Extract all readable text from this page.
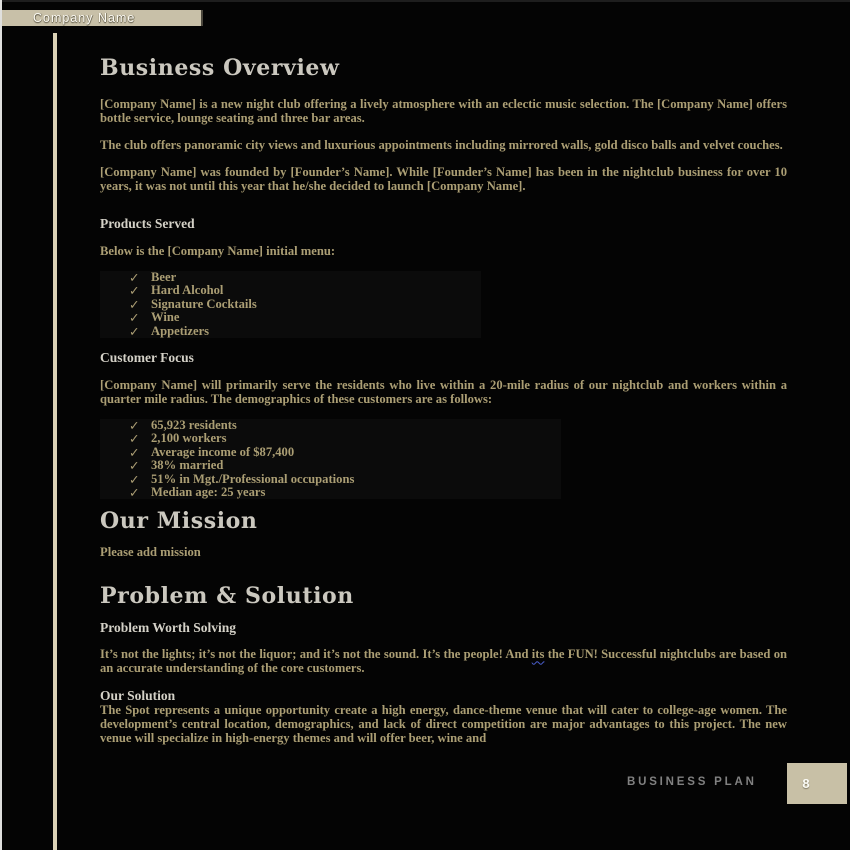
Company Name
Business Overview

[Company Name] is a new night club offering a lively atmosphere with an eclectic music selection. The [Company Name] offers bottle service, lounge seating and three bar areas.

The club offers panoramic city views and luxurious appointments including mirrored walls, gold disco balls and velvet couches.

[Company Name] was founded by [Founder’s Name]. While [Founder’s Name] has been in the nightclub business for over 10 years, it was not until this year that he/she decided to launch [Company Name].

Products Served

Below is the [Company Name] initial menu:

✓ Beer
✓ Hard Alcohol
✓ Signature Cocktails
✓ Wine
✓ Appetizers
Customer Focus

[Company Name] will primarily serve the residents who live within a 20-mile radius of our nightclub and workers within a quarter mile radius. The demographics of these customers are as follows:

✓ 65,923 residents
✓ 2,100 workers
✓ Average income of $87,400
✓ 38% married
✓ 51% in Mgt./Professional occupations
✓ Median age: 25 years
Our Mission

Please add mission

Problem & Solution
Problem Worth Solving

It’s not the lights; it’s not the liquor; and it’s not the sound. It’s the people! And its the FUN! Successful nightclubs are based on an accurate understanding of the core customers.

Our Solution

The Spot represents a unique opportunity create a high energy, dance-theme venue that will cater to college-age women. The development’s central location, demographics, and lack of direct competition are major advantages to this project. The new venue will specialize in high-energy themes and will offer beer, wine and

BUSINESS PLAN	8
